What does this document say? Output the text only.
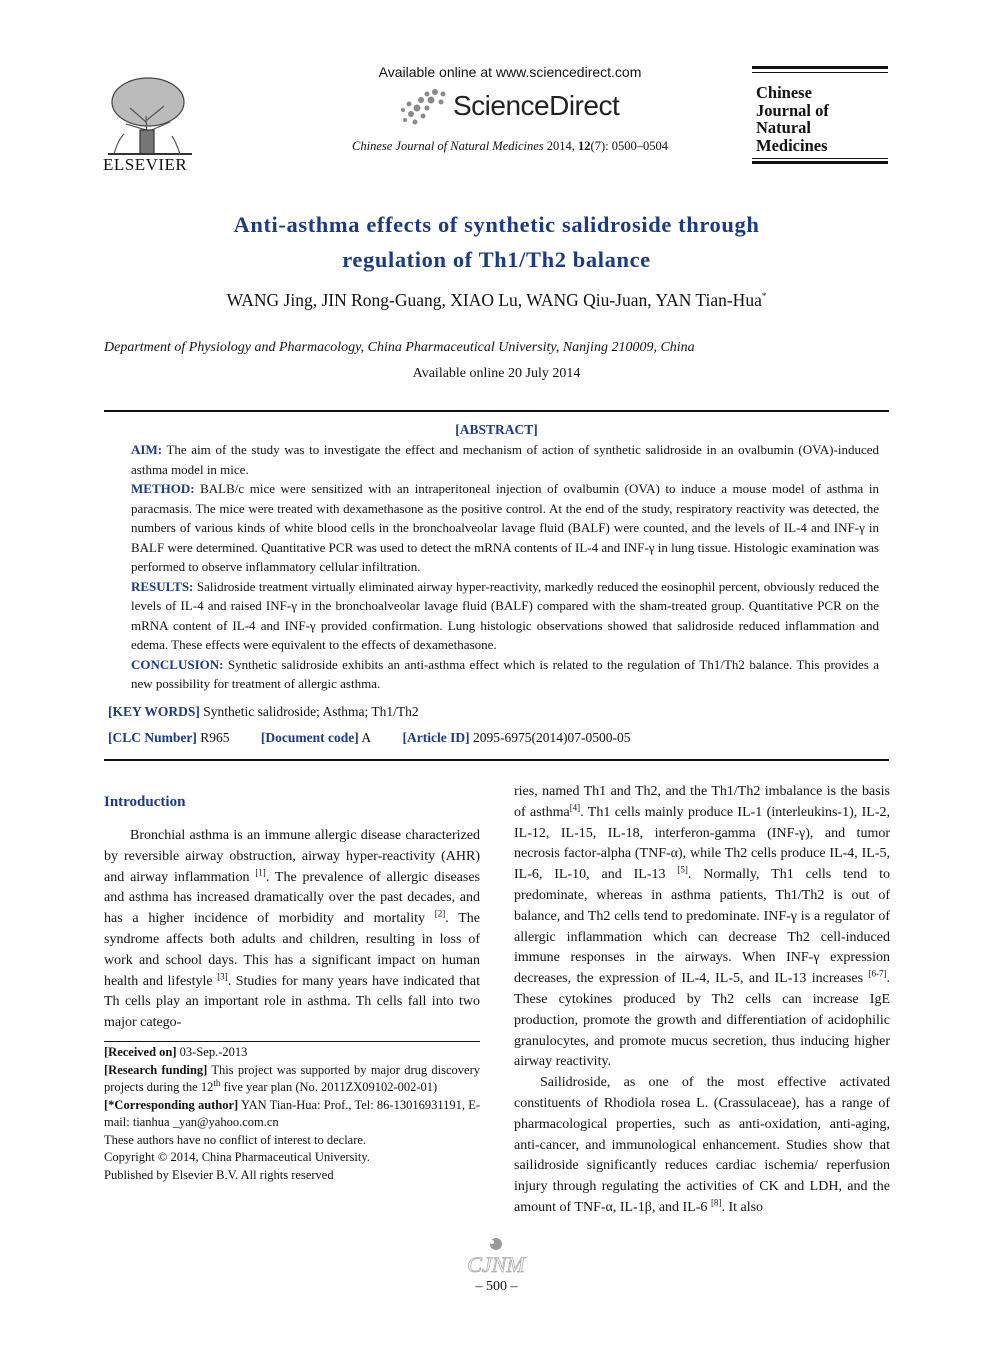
ELSEVIER
Available online at www.sciencedirect.com
ScienceDirect
Chinese Journal of Natural Medicines 2014, 12(7): 0500–0504
Chinese
Journal of
Natural
Medicines
Anti-asthma effects of synthetic salidroside through
regulation of Th1/Th2 balance
WANG Jing, JIN Rong-Guang, XIAO Lu, WANG Qiu-Juan, YAN Tian-Hua*
Department of Physiology and Pharmacology, China Pharmaceutical University, Nanjing 210009, China
Available online 20 July 2014
[ABSTRACT]

AIM: The aim of the study was to investigate the effect and mechanism of action of synthetic salidroside in an ovalbumin (OVA)-induced asthma model in mice.

METHOD: BALB/c mice were sensitized with an intraperitoneal injection of ovalbumin (OVA) to induce a mouse model of asthma in paracmasis. The mice were treated with dexamethasone as the positive control. At the end of the study, respiratory reactivity was detected, the numbers of various kinds of white blood cells in the bronchoalveolar lavage fluid (BALF) were counted, and the levels of IL-4 and INF-γ in BALF were determined. Quantitative PCR was used to detect the mRNA contents of IL-4 and INF-γ in lung tissue. Histologic examination was performed to observe inflammatory cellular infiltration.

RESULTS: Salidroside treatment virtually eliminated airway hyper-reactivity, markedly reduced the eosinophil percent, obviously reduced the levels of IL-4 and raised INF-γ in the bronchoalveolar lavage fluid (BALF) compared with the sham-treated group. Quantitative PCR on the mRNA content of IL-4 and INF-γ provided confirmation. Lung histologic observations showed that salidroside reduced inflammation and edema. These effects were equivalent to the effects of dexamethasone.

CONCLUSION: Synthetic salidroside exhibits an anti-asthma effect which is related to the regulation of Th1/Th2 balance. This provides a new possibility for treatment of allergic asthma.

[KEY WORDS] Synthetic salidroside; Asthma; Th1/Th2
[CLC Number] R965 [Document code] A [Article ID] 2095-6975(2014)07-0500-05
Introduction

Bronchial asthma is an immune allergic disease characterized by reversible airway obstruction, airway hyper-reactivity (AHR) and airway inflammation [1]. The prevalence of allergic diseases and asthma has increased dramatically over the past decades, and has a higher incidence of morbidity and mortality [2]. The syndrome affects both adults and children, resulting in loss of work and school days. This has a significant impact on human health and lifestyle [3]. Studies for many years have indicated that Th cells play an important role in asthma. Th cells fall into two major catego-

[Received on] 03-Sep.-2013

[Research funding] This project was supported by major drug discovery projects during the 12th five year plan (No. 2011ZX09102-002-01)

[*Corresponding author] YAN Tian-Hua: Prof., Tel: 86-13016931191, E-mail: tianhua _yan@yahoo.com.cn

These authors have no conflict of interest to declare.

Copyright © 2014, China Pharmaceutical University.

Published by Elsevier B.V. All rights reserved

ries, named Th1 and Th2, and the Th1/Th2 imbalance is the basis of asthma[4]. Th1 cells mainly produce IL-1 (interleukins-1), IL-2, IL-12, IL-15, IL-18, interferon-gamma (INF-γ), and tumor necrosis factor-alpha (TNF-α), while Th2 cells produce IL-4, IL-5, IL-6, IL-10, and IL-13 [5]. Normally, Th1 cells tend to predominate, whereas in asthma patients, Th1/Th2 is out of balance, and Th2 cells tend to predominate. INF-γ is a regulator of allergic inflammation which can decrease Th2 cell-induced immune responses in the airways. When INF-γ expression decreases, the expression of IL-4, IL-5, and IL-13 increases [6-7]. These cytokines produced by Th2 cells can increase IgE production, promote the growth and differentiation of acidophilic granulocytes, and promote mucus secretion, thus inducing higher airway reactivity.

Sailidroside, as one of the most effective activated constituents of Rhodiola rosea L. (Crassulaceae), has a range of pharmacological properties, such as anti-oxidation, anti-aging, anti-cancer, and immunological enhancement. Studies show that sailidroside significantly reduces cardiac ischemia/ reperfusion injury through regulating the activities of CK and LDH, and the amount of TNF-α, IL-1β, and IL-6 [8]. It also

CJNM
– 500 –
